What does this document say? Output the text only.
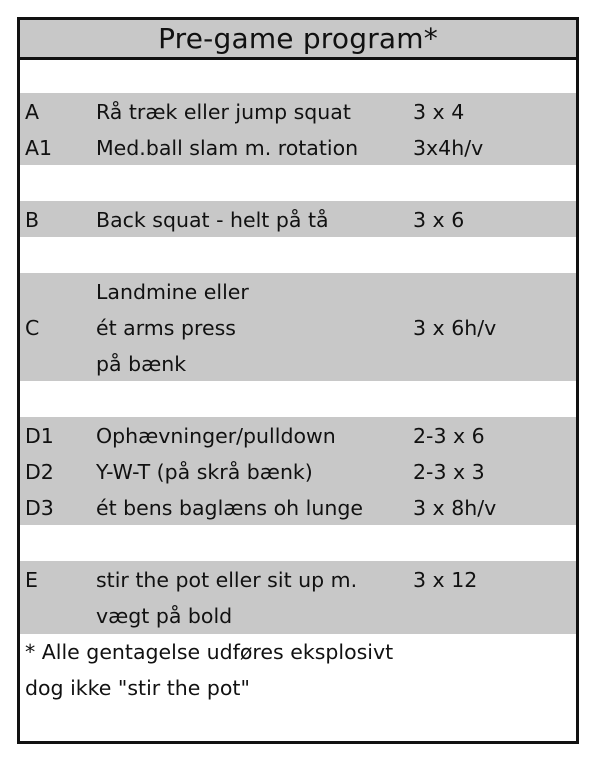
Pre-game program*
A	Rå træk eller jump squat	3 x 4
A1 Med.ball slam m. rotation	3x4h/v
B	Back squat - helt på tå	3 x 6
Landmine eller
C	ét arms press	3 x 6h/v
på bænk
D1 Ophævninger/pulldown	2-3 x 6
D2 Y-W-T (på skrå bænk)	2-3 x 3
D3 ét bens baglæns oh lunge 3 x 8h/v
E	stir the pot eller sit up m.	3 x 12
vægt på bold
* Alle gentagelse udføres eksplosivt
dog ikke "stir the pot"
